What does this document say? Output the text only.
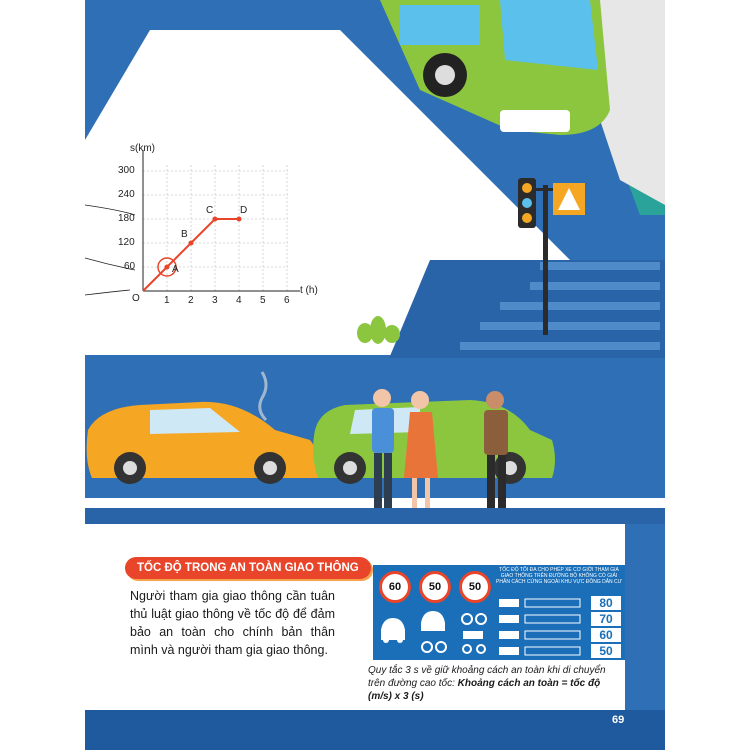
s(km)
t (h)
O
300
240
180
120
60
1 2 3 4 5 6
A
B
C	D
TỐC ĐỘ TRONG AN TOÀN GIAO THÔNG
Người tham gia giao thông cần tuân thủ luật giao thông về tốc độ để đảm bảo an toàn cho chính bản thân mình và người tham gia giao thông.
60	50	50
TỐC ĐỘ TỐI ĐA CHO PHÉP XE CƠ GIỚI THAM GIA GIAO THÔNG TRÊN ĐƯỜNG BỘ KHÔNG CÓ GIẢI PHÂN CÁCH CỨNG NGOÀI KHU VỰC ĐÔNG DÂN CƯ
80
70
60
50
Quy tắc 3 s về giữ khoảng cách an toàn khi di chuyển trên đường cao tốc: Khoảng cách an toàn = tốc độ (m/s) x 3 (s)
69
